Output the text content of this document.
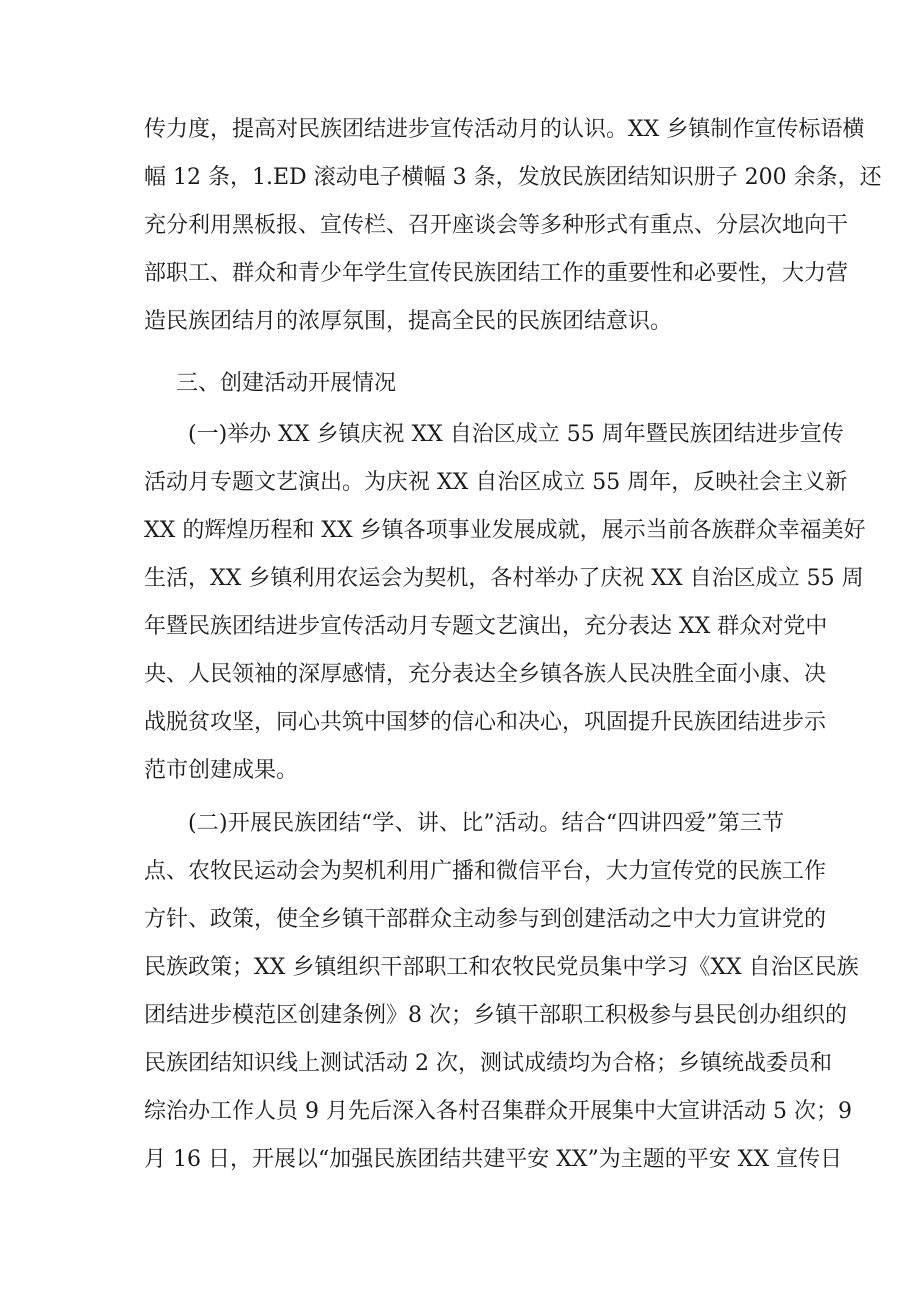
传力度，提高对民族团结进步宣传活动月的认识。XX 乡镇制作宣传标语横

幅 12 条，1.ED 滚动电子横幅 3 条，发放民族团结知识册子 200 余条，还

充分利用黑板报、宣传栏、召开座谈会等多种形式有重点、分层次地向干

部职工、群众和青少年学生宣传民族团结工作的重要性和必要性，大力营

造民族团结月的浓厚氛围，提高全民的民族团结意识。

三、创建活动开展情况

(一)举办 XX 乡镇庆祝 XX 自治区成立 55 周年暨民族团结进步宣传

活动月专题文艺演出。为庆祝 XX 自治区成立 55 周年，反映社会主义新

XX 的辉煌历程和 XX 乡镇各项事业发展成就，展示当前各族群众幸福美好

生活，XX 乡镇利用农运会为契机，各村举办了庆祝 XX 自治区成立 55 周

年暨民族团结进步宣传活动月专题文艺演出，充分表达 XX 群众对党中

央、人民领袖的深厚感情，充分表达全乡镇各族人民决胜全面小康、决

战脱贫攻坚，同心共筑中国梦的信心和决心，巩固提升民族团结进步示

范市创建成果。

(二)开展民族团结“学、讲、比”活动。结合“四讲四爱”第三节

点、农牧民运动会为契机利用广播和微信平台，大力宣传党的民族工作

方针、政策，使全乡镇干部群众主动参与到创建活动之中大力宣讲党的

民族政策；XX 乡镇组织干部职工和农牧民党员集中学习《XX 自治区民族

团结进步模范区创建条例》8 次；乡镇干部职工积极参与县民创办组织的

民族团结知识线上测试活动 2 次，测试成绩均为合格；乡镇统战委员和

综治办工作人员 9 月先后深入各村召集群众开展集中大宣讲活动 5 次；9

月 16 日，开展以“加强民族团结共建平安 XX”为主题的平安 XX 宣传日
